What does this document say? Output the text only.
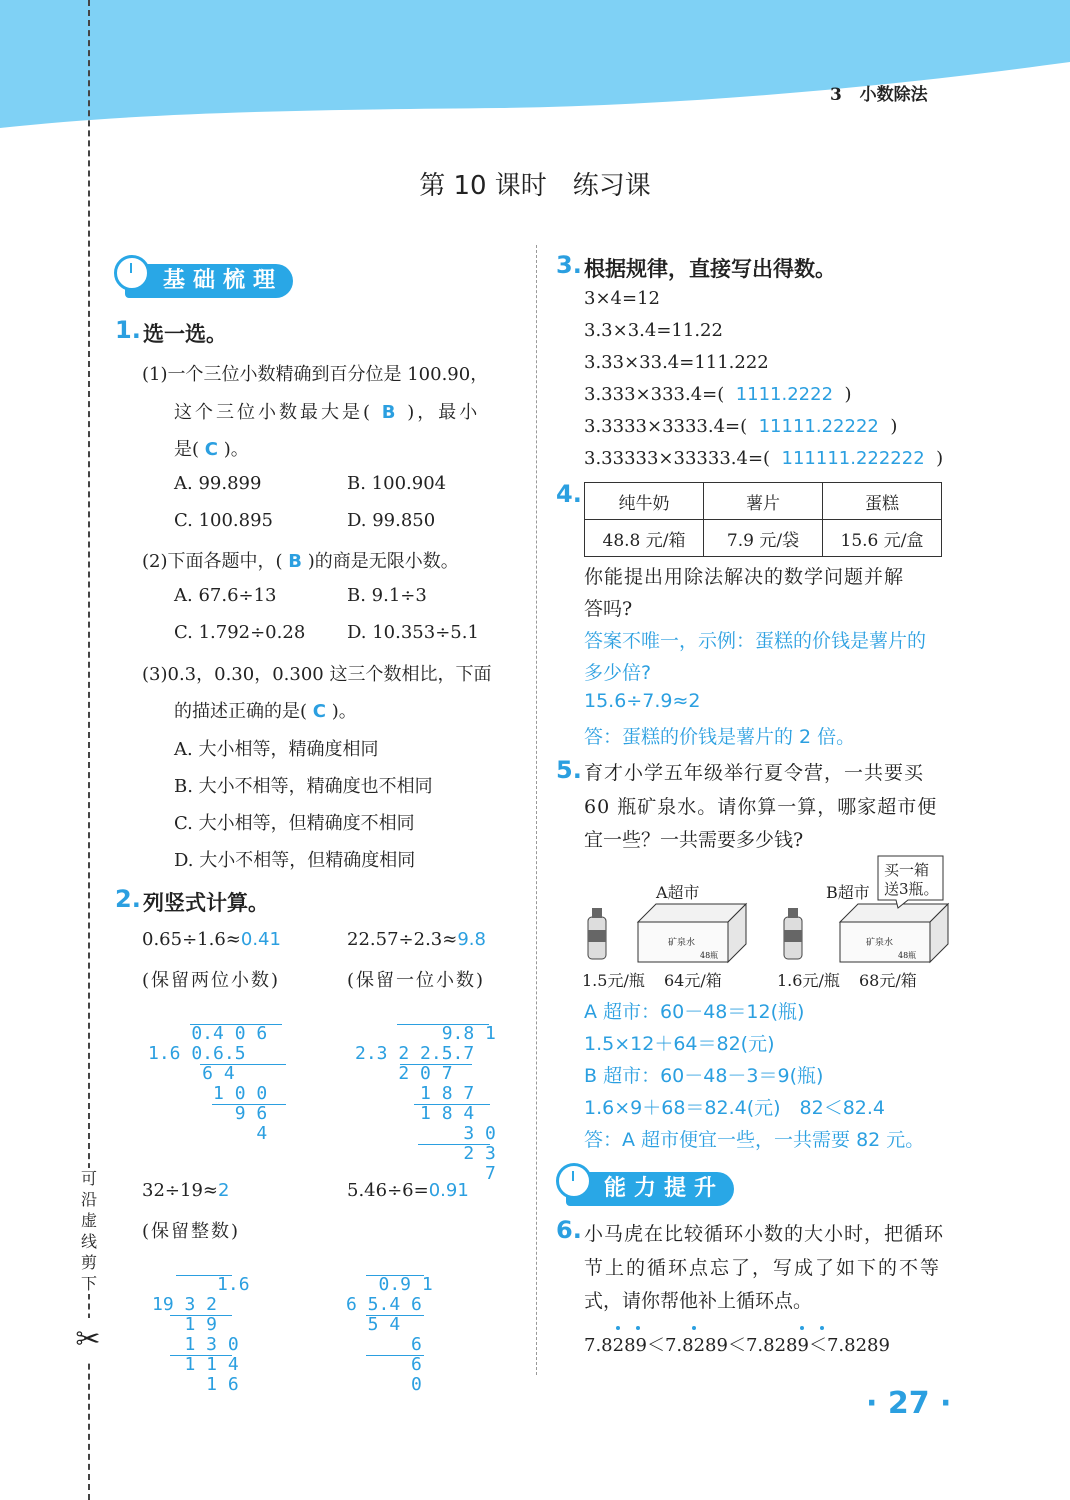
3 小数除法
可
沿
虚
线
剪
下
✂
第 10 课时　练习课
基础梳理
1. 选一选。
(1)一个三位小数精确到百分位是 100.90，
这个三位小数最大是( B )，最小
是( C )。
A. 99.899	B. 100.904
C. 100.895	D. 99.850
(2)下面各题中，( B )的商是无限小数。
A. 67.6÷13	B. 9.1÷3
C. 1.792÷0.28 D. 10.353÷5.1
(3)0.3，0.30，0.300 这三个数相比，下面
的描述正确的是( C )。
A. 大小相等，精确度相同
B. 大小不相等，精确度也不相同
C. 大小相等，但精确度不相同
D. 大小不相等，但精确度相同
2. 列竖式计算。
0.65÷1.6≈0.41
(保留两位小数)

0.4 0 6
1.6 0.6.5
6 4
1 0 0
9 6
4
22.57÷2.3≈9.8
(保留一位小数)

9.8 1
2.3 2 2.5.7
2 0 7
1 8 7
1 8 4
3 0
2 3
7
32÷19≈2
(保留整数)

1.6
19 3 2
1 9
1 3 0
1 1 4
1 6
5.46÷6=0.91

0.9 1
6 5.4 6
5 4
6
6
0
3. 根据规律，直接写出得数。
3×4=12
3.3×3.4=11.22
3.33×33.4=111.222
3.333×333.4=( 1111.2222 )
3.3333×3333.4=( 11111.22222 )
3.33333×33333.4=( 111111.222222 )
4. 纯牛奶	薯片	蛋糕
48.8 元/箱	7.9 元/袋	15.6 元/盒
你能提出用除法解决的数学问题并解
答吗?
答案不唯一，示例：蛋糕的价钱是薯片的
多少倍?
15.6÷7.9≈2
答：蛋糕的价钱是薯片的 2 倍。
5. 育才小学五年级举行夏令营，一共要买
60 瓶矿泉水。请你算一算，哪家超市便
宜一些？一共需要多少钱?
A超市	B超市
买一箱
送3瓶。
矿泉水
48瓶
矿泉水
48瓶
1.5元/瓶 64元/箱	1.6元/瓶 68元/箱
A 超市：60－48＝12(瓶)
1.5×12＋64＝82(元)
B 超市：60－48－3＝9(瓶)
1.6×9＋68＝82.4(元)　82＜82.4
答：A 超市便宜一些，一共需要 82 元。
能力提升
6. 小马虎在比较循环小数的大小时，把循环
节上的循环点忘了，写成了如下的不等
式，请你帮他补上循环点。
7.8289＜7.8289＜7.8289＜7.8289
· 27 ·
